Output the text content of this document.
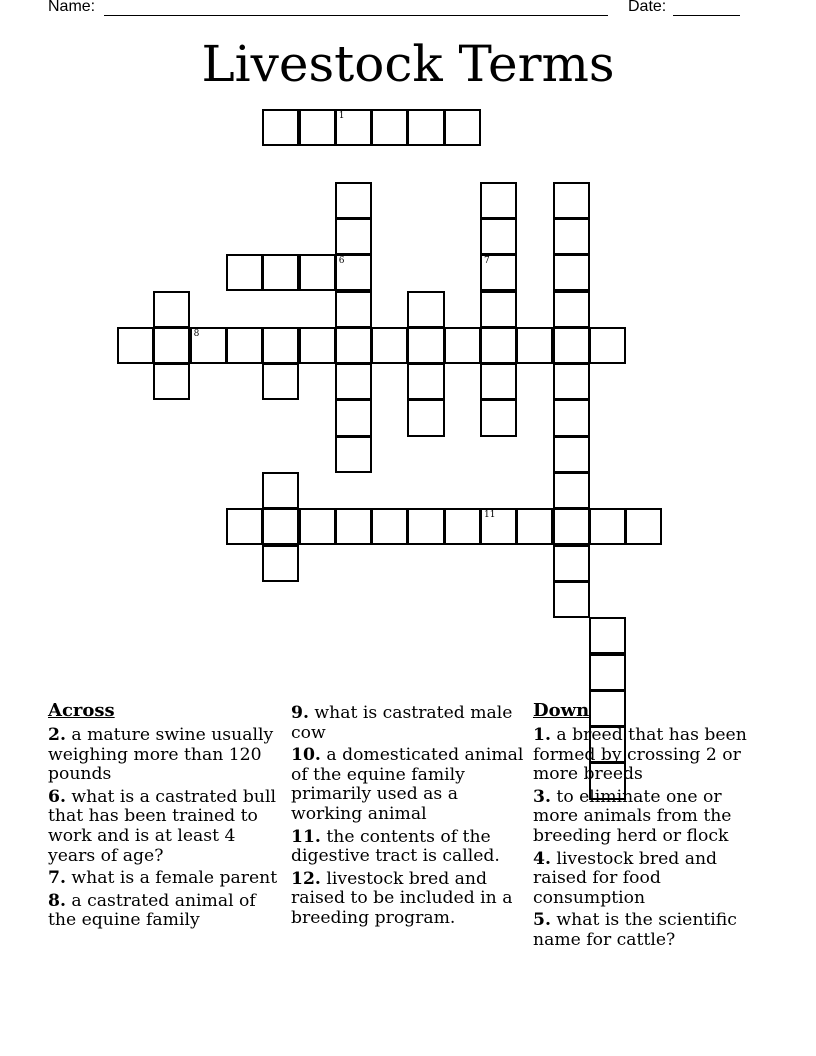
Name:	Date:
Livestock Terms
8
11
1
6	7
Across
2. a mature swine usually weighing more than 120 pounds
6. what is a castrated bull that has been trained to work and is at least 4 years of age?
7. what is a female parent
8. a castrated animal of the equine family
9. what is castrated male cow
10. a domesticated animal of the equine family primarily used as a working animal
11. the contents of the digestive tract is called.
12. livestock bred and raised to be included in a breeding program.
Down
1. a breed that has been formed by crossing 2 or more breeds
3. to eliminate one or more animals from the breeding herd or flock
4. livestock bred and raised for food consumption
5. what is the scientific name for cattle?
